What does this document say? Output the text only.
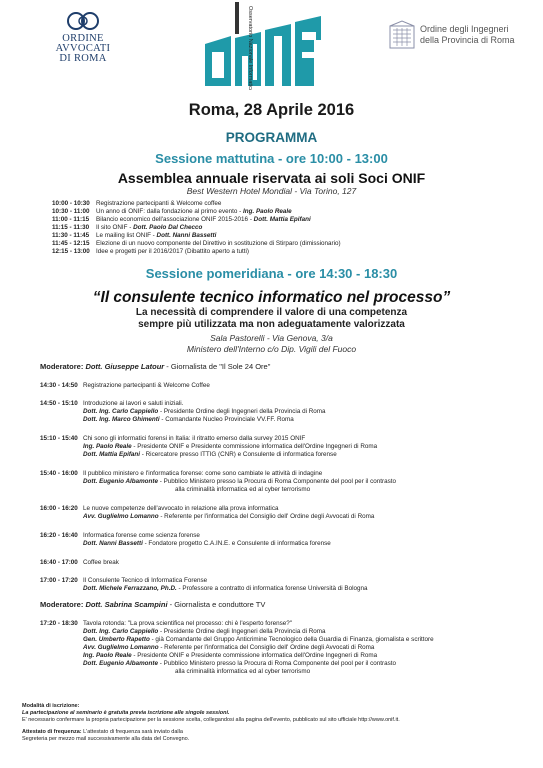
ORDINE
AVVOCATI
DI ROMA	Osservatorio Nazionale Informatica Forense	Ordine degli Ingegneri
della Provincia di Roma
Roma, 28 Aprile 2016
PROGRAMMA
Sessione mattutina - ore 10:00 - 13:00
Assemblea annuale riservata ai soli Soci ONIF
Best Western Hotel Mondial - Via Torino, 127
10:00 - 10:30 Registrazione partecipanti & Welcome coffee
10:30 - 11:00 Un anno di ONIF: dalla fondazione al primo evento - Ing. Paolo Reale
11:00 - 11:15 Bilancio economico dell'associazione ONIF 2015-2016 - Dott. Mattia Epifani
11:15 - 11:30 Il sito ONIF - Dott. Paolo Dal Checco
11:30 - 11:45 Le mailing list ONIF - Dott. Nanni Bassetti
11:45 - 12:15 Elezione di un nuovo componente del Direttivo in sostituzione di Stirparo (dimissionario)
12:15 - 13:00 Idee e progetti per il 2016/2017 (Dibattito aperto a tutti)
Sessione pomeridiana - ore 14:30 - 18:30
“Il consulente tecnico informatico nel processo”
La necessità di comprendere il valore di una competenza
sempre più utilizzata ma non adeguatamente valorizzata
Sala Pastorelli - Via Genova, 3/a
Ministero dell'Interno c/o Dip. Vigili del Fuoco
Moderatore: Dott. Giuseppe Latour - Giornalista de "Il Sole 24 Ore"
14:30 - 14:50 Registrazione partecipanti & Welcome Coffee
14:50 - 15:10 Introduzione ai lavori e saluti iniziali.
Dott. Ing. Carlo Cappiello - Presidente Ordine degli Ingegneri della Provincia di Roma
Dott. Ing. Marco Ghimenti - Comandante Nucleo Provinciale VV.FF. Roma
15:10 - 15:40 Chi sono gli informatici forensi in Italia: il ritratto emerso dalla survey 2015 ONIF
Ing. Paolo Reale - Presidente ONIF e Presidente commissione informatica dell'Ordine Ingegneri di Roma
Dott. Mattia Epifani - Ricercatore presso ITTIG (CNR) e Consulente di informatica forense
15:40 - 16:00 Il pubblico ministero e l'informatica forense: come sono cambiate le attività di indagine
Dott. Eugenio Albamonte - Pubblico Ministero presso la Procura di Roma Componente del pool per il contrasto
alla criminalità informatica ed al cyber terrorismo
16:00 - 16:20 Le nuove competenze dell'avvocato in relazione alla prova informatica
Avv. Guglielmo Lomanno - Referente per l'informatica del Consiglio dell' Ordine degli Avvocati di Roma
16:20 - 16:40 Informatica forense come scienza forense
Dott. Nanni Bassetti - Fondatore progetto C.A.IN.E. e Consulente di informatica forense
16:40 - 17:00 Coffee break
17:00 - 17:20 Il Consulente Tecnico di Informatica Forense
Dott. Michele Ferrazzano, Ph.D. - Professore a contratto di informatica forense Università di Bologna
Moderatore: Dott. Sabrina Scampini - Giornalista e conduttore TV
17:20 - 18:30 Tavola rotonda: "La prova scientifica nel processo: chi è l'esperto forense?"
Dott. Ing. Carlo Cappiello - Presidente Ordine degli Ingegneri della Provincia di Roma
Gen. Umberto Rapetto - già Comandante del Gruppo Anticrimine Tecnologico della Guardia di Finanza, giornalista e scrittore
Avv. Guglielmo Lomanno - Referente per l'informatica del Consiglio dell' Ordine degli Avvocati di Roma
Ing. Paolo Reale - Presidente ONIF e Presidente commissione informatica dell'Ordine Ingegneri di Roma
Dott. Eugenio Albamonte - Pubblico Ministero presso la Procura di Roma Componente del pool per il contrasto
alla criminalità informatica ed al cyber terrorismo
Modalità di iscrizione:
La partecipazione al seminario è gratuita previa iscrizione alle singole sessioni.
E' necessario confermare la propria partecipazione per la sessione scelta, collegandosi alla pagina dell'evento, pubblicato sul sito ufficiale http://www.onif.it.
Attestato di frequenza: L'attestato di frequenza sarà inviato dalla
Segreteria per mezzo mail successivamente alla data del Convegno.
